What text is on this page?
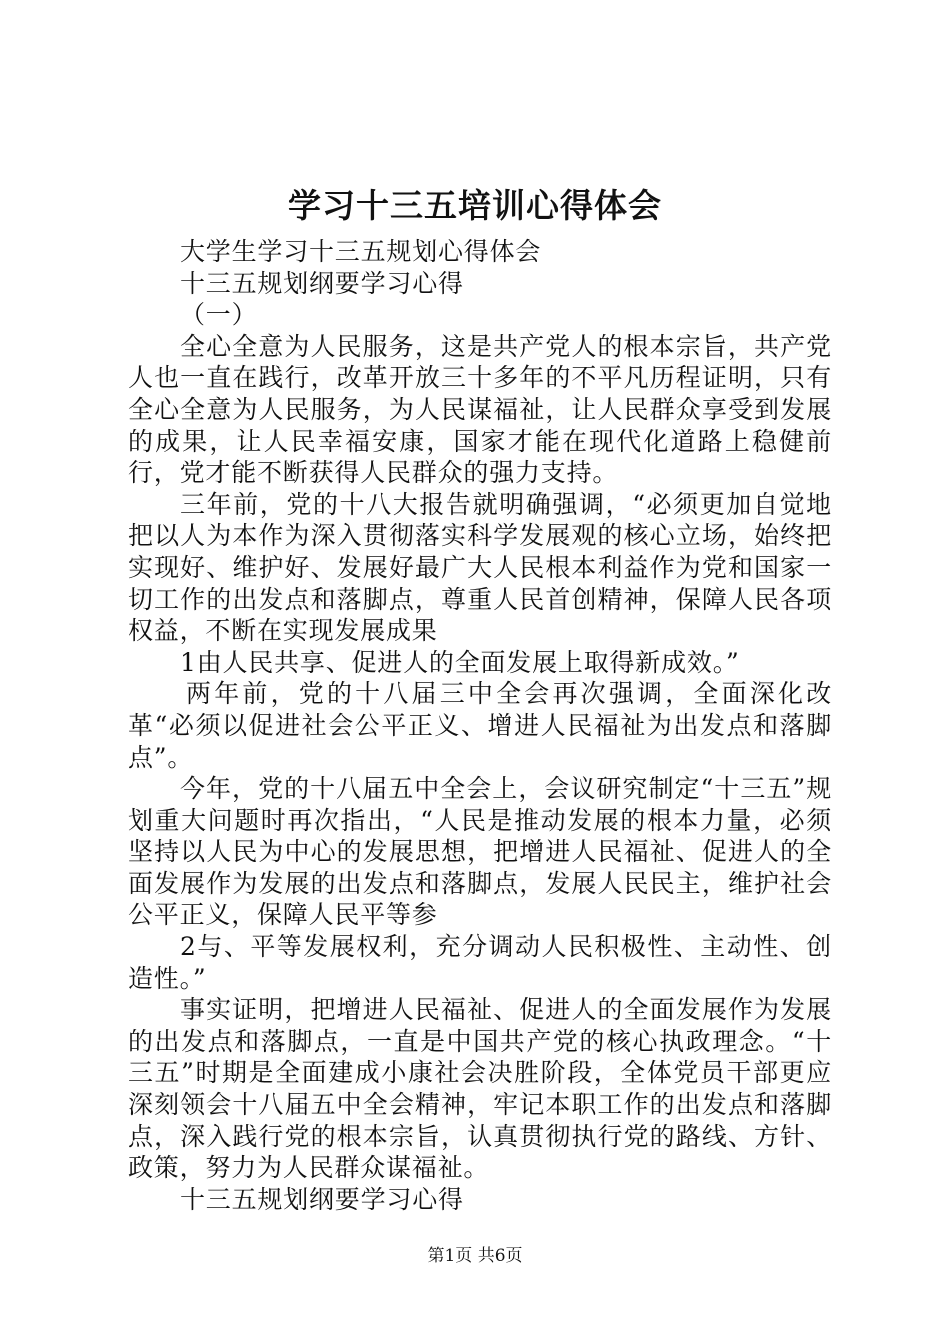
学习十三五培训心得体会

大学生学习十三五规划心得体会

十三五规划纲要学习心得

（一）

全心全意为人民服务，这是共产党人的根本宗旨，共产党人也一直在践行，改革开放三十多年的不平凡历程证明，只有全心全意为人民服务，为人民谋福祉，让人民群众享受到发展的成果，让人民幸福安康，国家才能在现代化道路上稳健前行，党才能不断获得人民群众的强力支持。

三年前，党的十八大报告就明确强调，“必须更加自觉地把以人为本作为深入贯彻落实科学发展观的核心立场，始终把实现好、维护好、发展好最广大人民根本利益作为党和国家一切工作的出发点和落脚点，尊重人民首创精神，保障人民各项权益，不断在实现发展成果

1由人民共享、促进人的全面发展上取得新成效。”

两年前，党的十八届三中全会再次强调，全面深化改革“必须以促进社会公平正义、增进人民福祉为出发点和落脚点”。

今年，党的十八届五中全会上，会议研究制定“十三五”规划重大问题时再次指出，“人民是推动发展的根本力量，必须坚持以人民为中心的发展思想，把增进人民福祉、促进人的全面发展作为发展的出发点和落脚点，发展人民民主，维护社会公平正义，保障人民平等参

2与、平等发展权利，充分调动人民积极性、主动性、创造性。”

事实证明，把增进人民福祉、促进人的全面发展作为发展的出发点和落脚点，一直是中国共产党的核心执政理念。“十三五”时期是全面建成小康社会决胜阶段，全体党员干部更应深刻领会十八届五中全会精神，牢记本职工作的出发点和落脚点，深入践行党的根本宗旨，认真贯彻执行党的路线、方针、政策，努力为人民群众谋福祉。

十三五规划纲要学习心得

第1页 共6页
